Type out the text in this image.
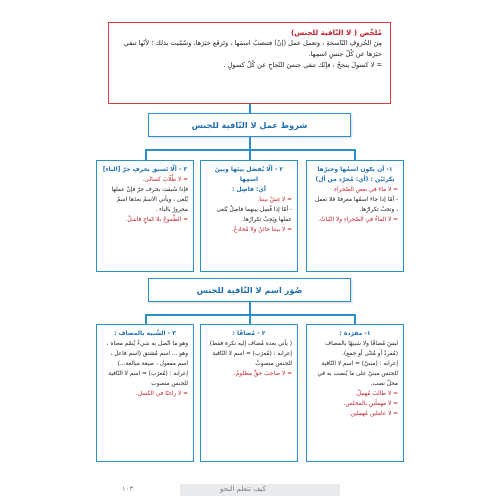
مُلخّص ( لا النّافية للجنس)

مِنَ الحُروفِ النّاسخةِ ، وتعمل عمل (إنّ) فتنصبُ اسمَها ، وتَرفَع خبَرَها، وسُمّيت بذلك ؛ لأنّها تنفي

خبَرَها عن كُلّ جنسِ اسمِها.

= لا كسولَ ينجحُ ، فإنّك تنفي جنسَ النّجاحِ عن كُلّ كسولٍ .

شروط عمل لا النّافية للجنس

١- أن يكون اسمُها وخبرُها نكرتَيْن : (أي: مُجرّد من أل)

= لا ماءَ في بعضِ الصّحراءِ.

- أمّا إذا جاءَ اسمُها معرفةً فلا تعمل ، وتجبُ تكرارُها.

= لا الماءُ في الصّحراءِ ولا النّباتُ.

٢ - ألّا يُفصَل بينَها وبينَ اسمِها

أي: فاصِل :

= لا غِشَّ بيننا.

- أمّا إذا فُصِل بينهما فاصِلٌ يُلغى عملها ويَجِبُ تكرارُها.

= لا بيننا خائنٌ ولا مُخادعٌ.

٣ - ألّا تَسبق بحرفِ جرّ [الباء]

= لا طُلّابَ كسالى.

فإذا سُبقت بحرف جرّ فإنّ عملها يُلغى ، ويأتي الاسمُ بعدَها اسمٌ مجرورٌ بالباء .

= الطّموحُ بلا كفاحٍ فاشلٌ.

صُوَر اسم لا النّافية للجنس

١- مفرَدة :

ليسَ مُضافًا ولا شبيهًا بالمضاف (مُفردٌ أو مُثنّى أو جمع).

إعرابه : (مبنيّ) = اسم لا النّافية للجنس مبنيّ على ما يُنصب به في محلّ نصب.

= لا طالبَ مُهمِلٌ.

= لا مهملَينِ بالمجلس.

= لا عامِلين مُهمِلين.

٢ - مُضافًا :

( يأتي بعده مُضاف إليه نكرة فقط)

إعرابه : (مُعرَب) = اسم لا النّافية للجنس منصوبٌ

= لا صاحِبَ حقٍّ مظلومٌ.

٣ - الشّبيه بالمضاف :

وهو ما اتّصل به شيءٌ يُتمّم معناه ، وهو ... اسم مُشتق (اسم فاعل ، اسم مفعول ، صيغة مبالغة...)

إعرابه : (مُعرَب) = اسم لا النّافية للجنس منصوب

= لا راغبًا في الكسلِ.

كيف تتعلم النحو
١٠٣
